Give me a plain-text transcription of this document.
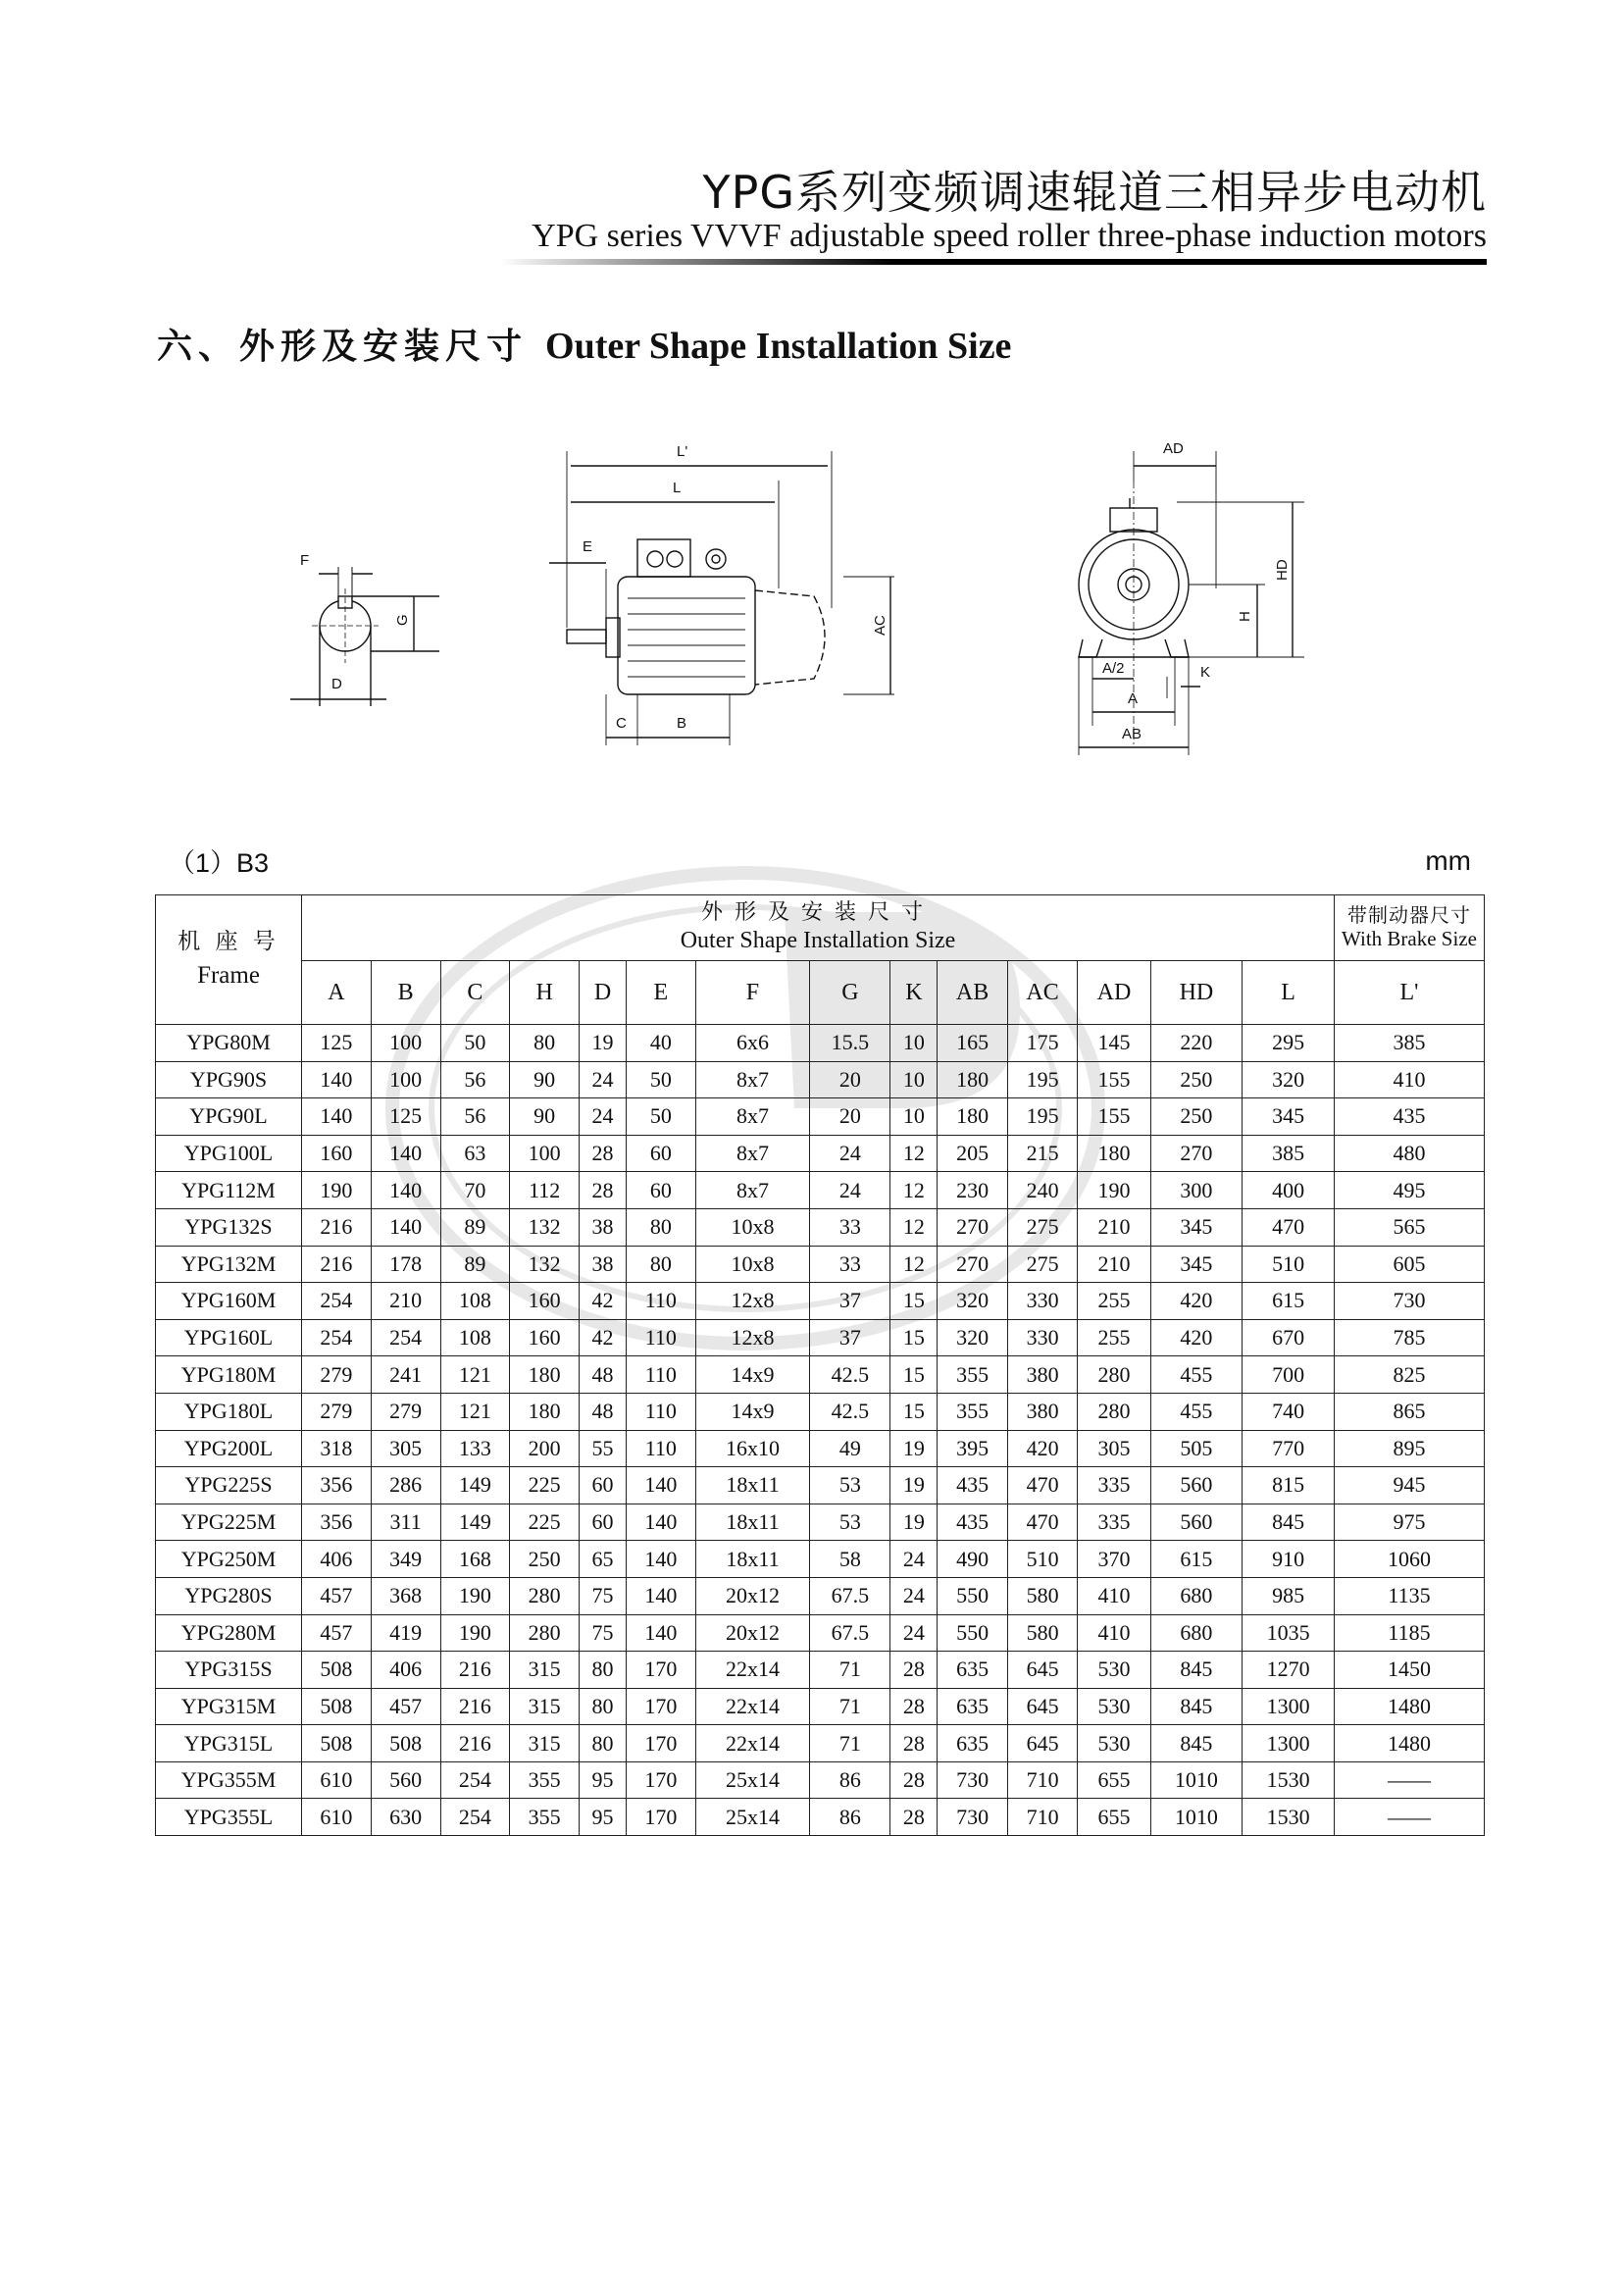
YPG系列变频调速辊道三相异步电动机
YPG series VVVF adjustable speed roller three-phase induction motors
六、外形及安装尺寸 Outer Shape Installation Size
F
G
D
L'
L
E
AC
C	B
AD
HD
H
A/2	K
A
AB
（1）B3	mm
机 座 号
Frame	外形及安装尺寸
Outer Shape Installation Size														带制动器尺寸
With Brake Size

	A	B	C	H	D	E	F	G	K	AB	AC	AD	HD	L	L'
YPG80M	125	100	50	80	19	40	6x6	15.5	10	165	175	145	220	295	385
YPG90S	140	100	56	90	24	50	8x7	20	10	180	195	155	250	320	410
YPG90L	140	125	56	90	24	50	8x7	20	10	180	195	155	250	345	435
YPG100L	160	140	63	100	28	60	8x7	24	12	205	215	180	270	385	480
YPG112M	190	140	70	112	28	60	8x7	24	12	230	240	190	300	400	495
YPG132S	216	140	89	132	38	80	10x8	33	12	270	275	210	345	470	565
YPG132M	216	178	89	132	38	80	10x8	33	12	270	275	210	345	510	605
YPG160M	254	210	108	160	42	110	12x8	37	15	320	330	255	420	615	730
YPG160L	254	254	108	160	42	110	12x8	37	15	320	330	255	420	670	785
YPG180M	279	241	121	180	48	110	14x9	42.5	15	355	380	280	455	700	825
YPG180L	279	279	121	180	48	110	14x9	42.5	15	355	380	280	455	740	865
YPG200L	318	305	133	200	55	110	16x10	49	19	395	420	305	505	770	895
YPG225S	356	286	149	225	60	140	18x11	53	19	435	470	335	560	815	945
YPG225M	356	311	149	225	60	140	18x11	53	19	435	470	335	560	845	975
YPG250M	406	349	168	250	65	140	18x11	58	24	490	510	370	615	910	1060
YPG280S	457	368	190	280	75	140	20x12	67.5	24	550	580	410	680	985	1135
YPG280M	457	419	190	280	75	140	20x12	67.5	24	550	580	410	680	1035	1185
YPG315S	508	406	216	315	80	170	22x14	71	28	635	645	530	845	1270	1450
YPG315M	508	457	216	315	80	170	22x14	71	28	635	645	530	845	1300	1480
YPG315L	508	508	216	315	80	170	22x14	71	28	635	645	530	845	1300	1480
YPG355M	610	560	254	355	95	170	25x14	86	28	730	710	655	1010	1530	——
YPG355L	610	630	254	355	95	170	25x14	86	28	730	710	655	1010	1530	——
